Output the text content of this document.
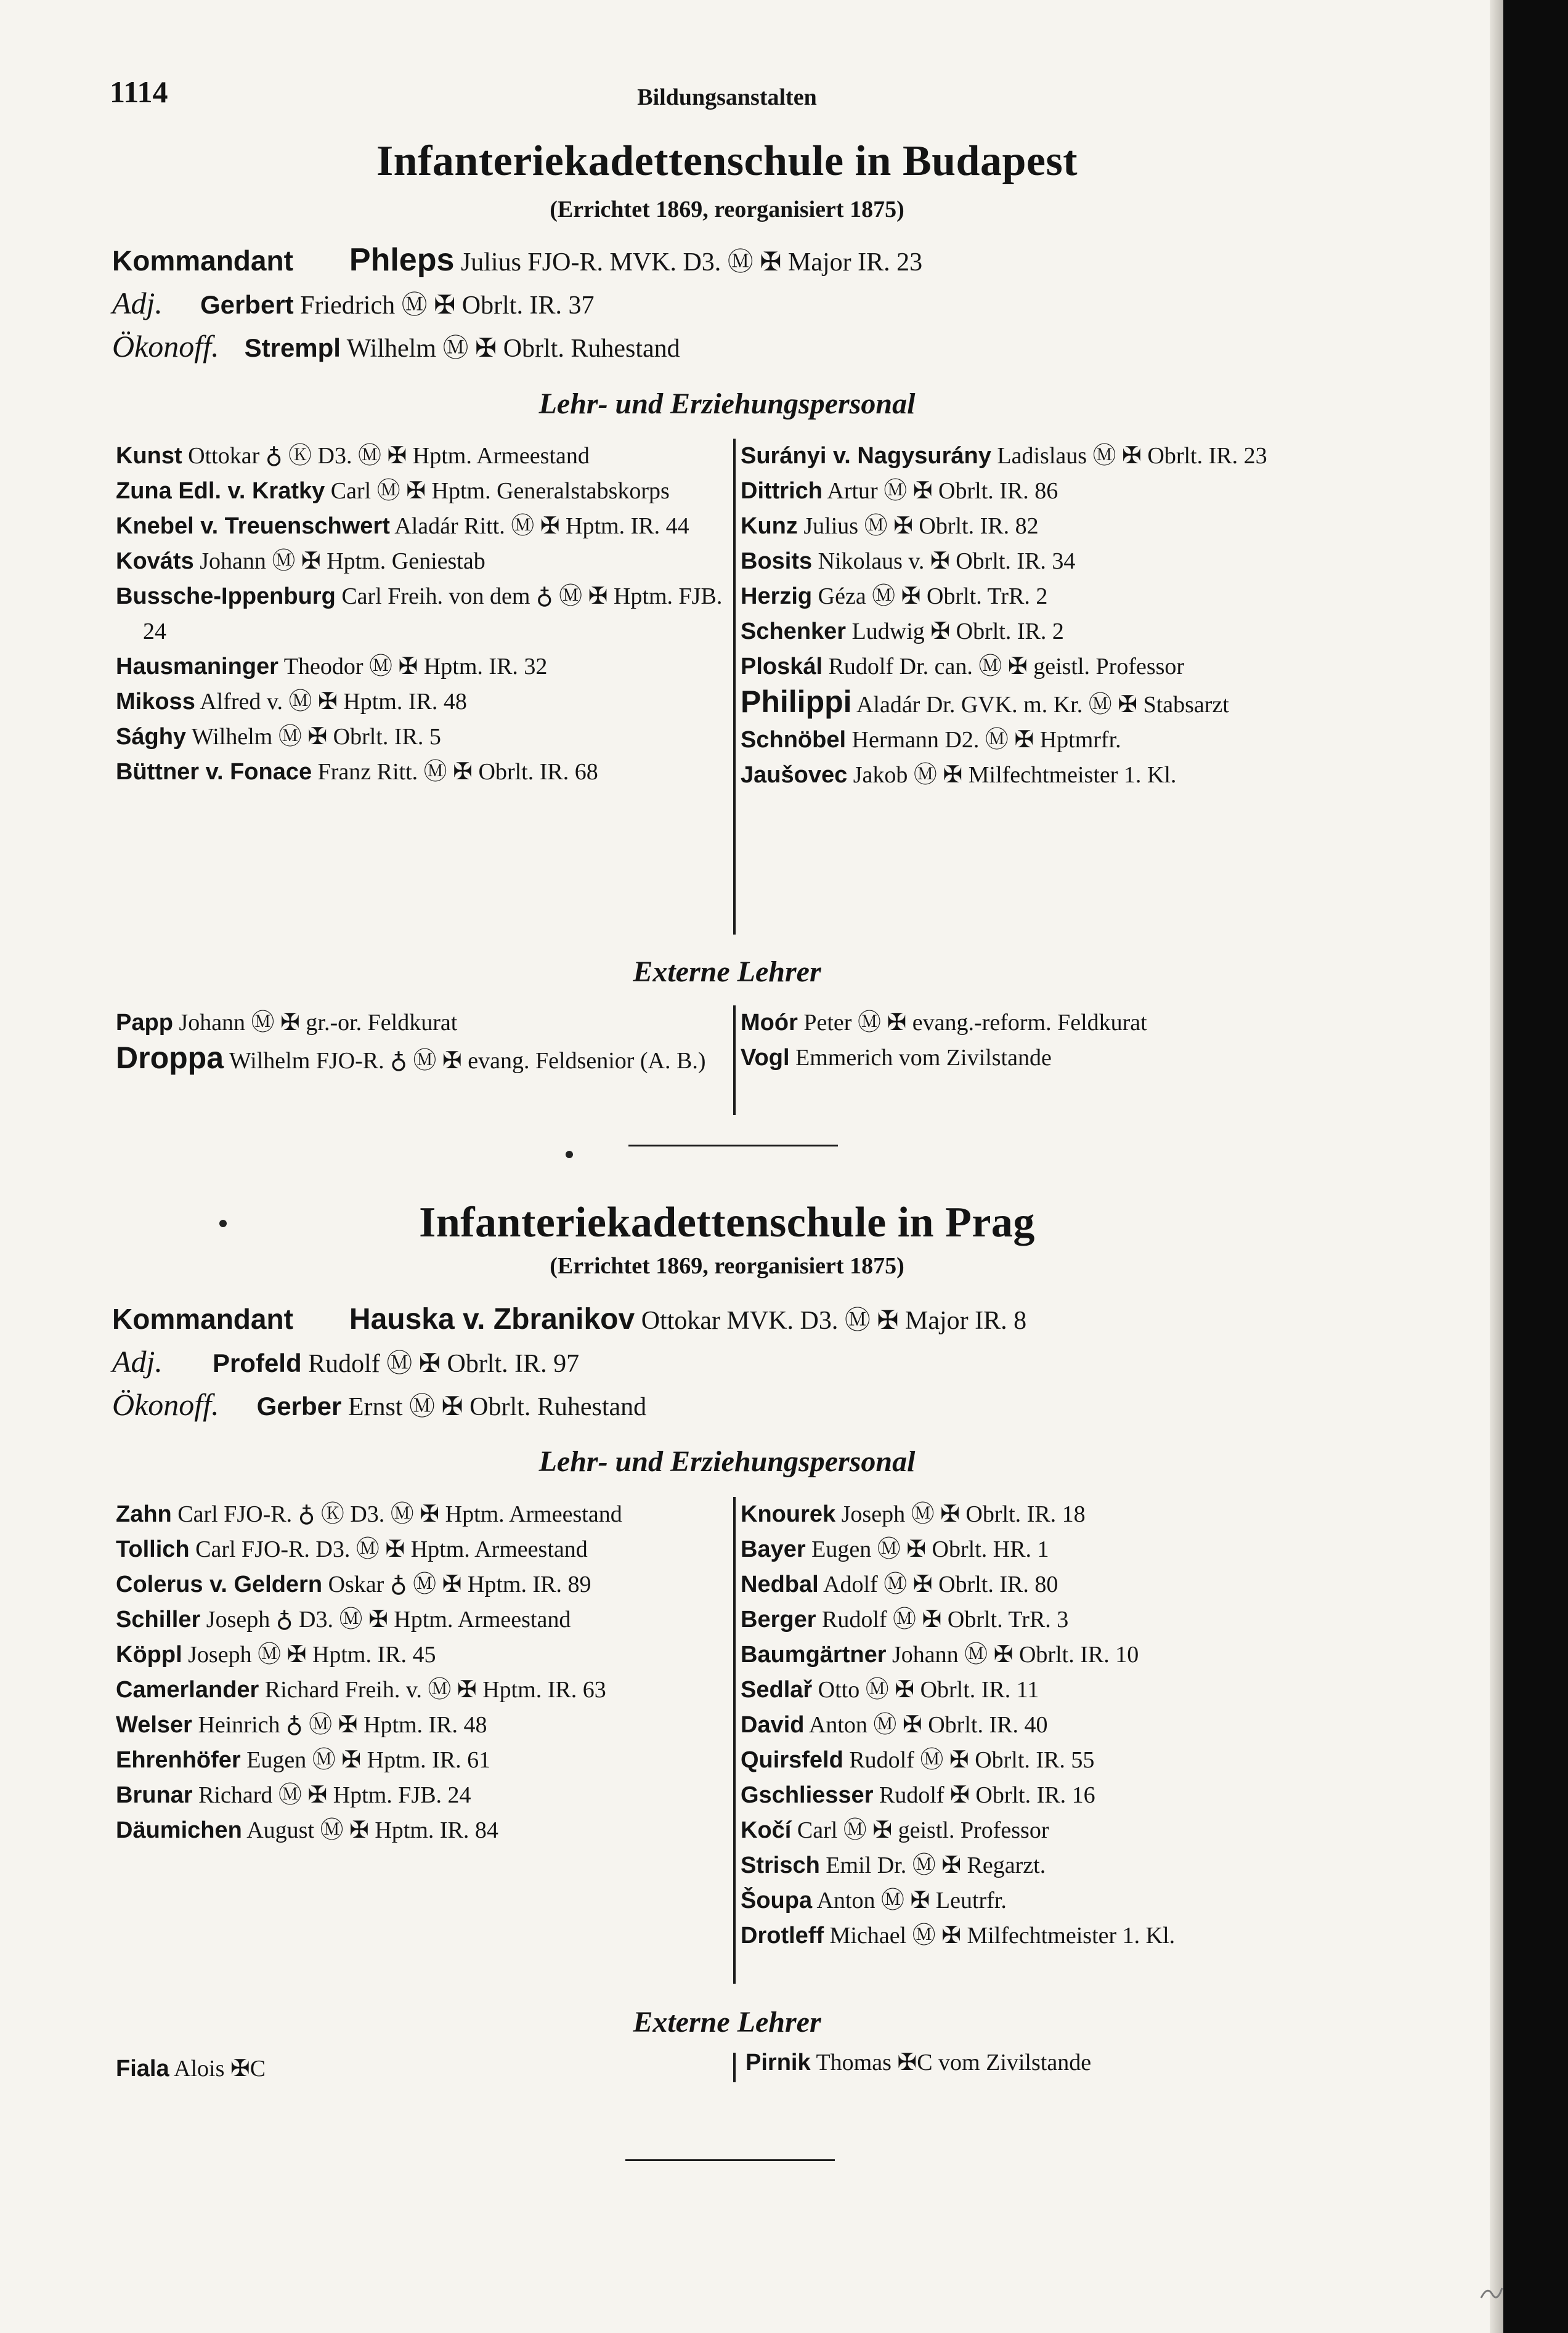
1114	Bildungsanstalten
Infanteriekadettenschule in Budapest
(Errichtet 1869, reorganisiert 1875)
Kommandant Phleps Julius FJO-R. MVK. D3. Ⓜ ✠ Major IR. 23
Adj. Gerbert Friedrich Ⓜ ✠ Obrlt. IR. 37
Ökonoff. Strempl Wilhelm Ⓜ ✠ Obrlt. Ruhestand
Lehr- und Erziehungspersonal
Kunst Ottokar ♁ Ⓚ D3. Ⓜ ✠ Hptm. Armeestand
Zuna Edl. v. Kratky Carl Ⓜ ✠ Hptm. Generalstabskorps
Knebel v. Treuenschwert Aladár Ritt. Ⓜ ✠ Hptm. IR. 44
Kováts Johann Ⓜ ✠ Hptm. Geniestab
Bussche-Ippenburg Carl Freih. von dem ♁ Ⓜ ✠ Hptm. FJB. 24
Hausmaninger Theodor Ⓜ ✠ Hptm. IR. 32
Mikoss Alfred v. Ⓜ ✠ Hptm. IR. 48
Sághy Wilhelm Ⓜ ✠ Obrlt. IR. 5
Büttner v. Fonace Franz Ritt. Ⓜ ✠ Obrlt. IR. 68
Surányi v. Nagysurány Ladislaus Ⓜ ✠ Obrlt. IR. 23
Dittrich Artur Ⓜ ✠ Obrlt. IR. 86
Kunz Julius Ⓜ ✠ Obrlt. IR. 82
Bosits Nikolaus v. ✠ Obrlt. IR. 34
Herzig Géza Ⓜ ✠ Obrlt. TrR. 2
Schenker Ludwig ✠ Obrlt. IR. 2
Ploskál Rudolf Dr. can. Ⓜ ✠ geistl. Professor
Philippi Aladár Dr. GVK. m. Kr. Ⓜ ✠ Stabsarzt
Schnöbel Hermann D2. Ⓜ ✠ Hptmrfr.
Jaušovec Jakob Ⓜ ✠ Milfechtmeister 1. Kl.
Externe Lehrer
Papp Johann Ⓜ ✠ gr.-or. Feldkurat
Droppa Wilhelm FJO-R. ♁ Ⓜ ✠ evang. Feldsenior (A. B.)
Moór Peter Ⓜ ✠ evang.-reform. Feldkurat
Vogl Emmerich vom Zivilstande
Infanteriekadettenschule in Prag
(Errichtet 1869, reorganisiert 1875)
Kommandant Hauska v. Zbranikov Ottokar MVK. D3. Ⓜ ✠ Major IR. 8
Adj. Profeld Rudolf Ⓜ ✠ Obrlt. IR. 97
Ökonoff. Gerber Ernst Ⓜ ✠ Obrlt. Ruhestand
Lehr- und Erziehungspersonal
Zahn Carl FJO-R. ♁ Ⓚ D3. Ⓜ ✠ Hptm. Armeestand
Tollich Carl FJO-R. D3. Ⓜ ✠ Hptm. Armeestand
Colerus v. Geldern Oskar ♁ Ⓜ ✠ Hptm. IR. 89
Schiller Joseph ♁ D3. Ⓜ ✠ Hptm. Armeestand
Köppl Joseph Ⓜ ✠ Hptm. IR. 45
Camerlander Richard Freih. v. Ⓜ ✠ Hptm. IR. 63
Welser Heinrich ♁ Ⓜ ✠ Hptm. IR. 48
Ehrenhöfer Eugen Ⓜ ✠ Hptm. IR. 61
Brunar Richard Ⓜ ✠ Hptm. FJB. 24
Däumichen August Ⓜ ✠ Hptm. IR. 84
Knourek Joseph Ⓜ ✠ Obrlt. IR. 18
Bayer Eugen Ⓜ ✠ Obrlt. HR. 1
Nedbal Adolf Ⓜ ✠ Obrlt. IR. 80
Berger Rudolf Ⓜ ✠ Obrlt. TrR. 3
Baumgärtner Johann Ⓜ ✠ Obrlt. IR. 10
Sedlař Otto Ⓜ ✠ Obrlt. IR. 11
David Anton Ⓜ ✠ Obrlt. IR. 40
Quirsfeld Rudolf Ⓜ ✠ Obrlt. IR. 55
Gschliesser Rudolf ✠ Obrlt. IR. 16
Kočí Carl Ⓜ ✠ geistl. Professor
Strisch Emil Dr. Ⓜ ✠ Regarzt.
Šoupa Anton Ⓜ ✠ Leutrfr.
Drotleff Michael Ⓜ ✠ Milfechtmeister 1. Kl.
Externe Lehrer
Fiala Alois ✠C	Pirnik Thomas ✠C vom Zivilstande
